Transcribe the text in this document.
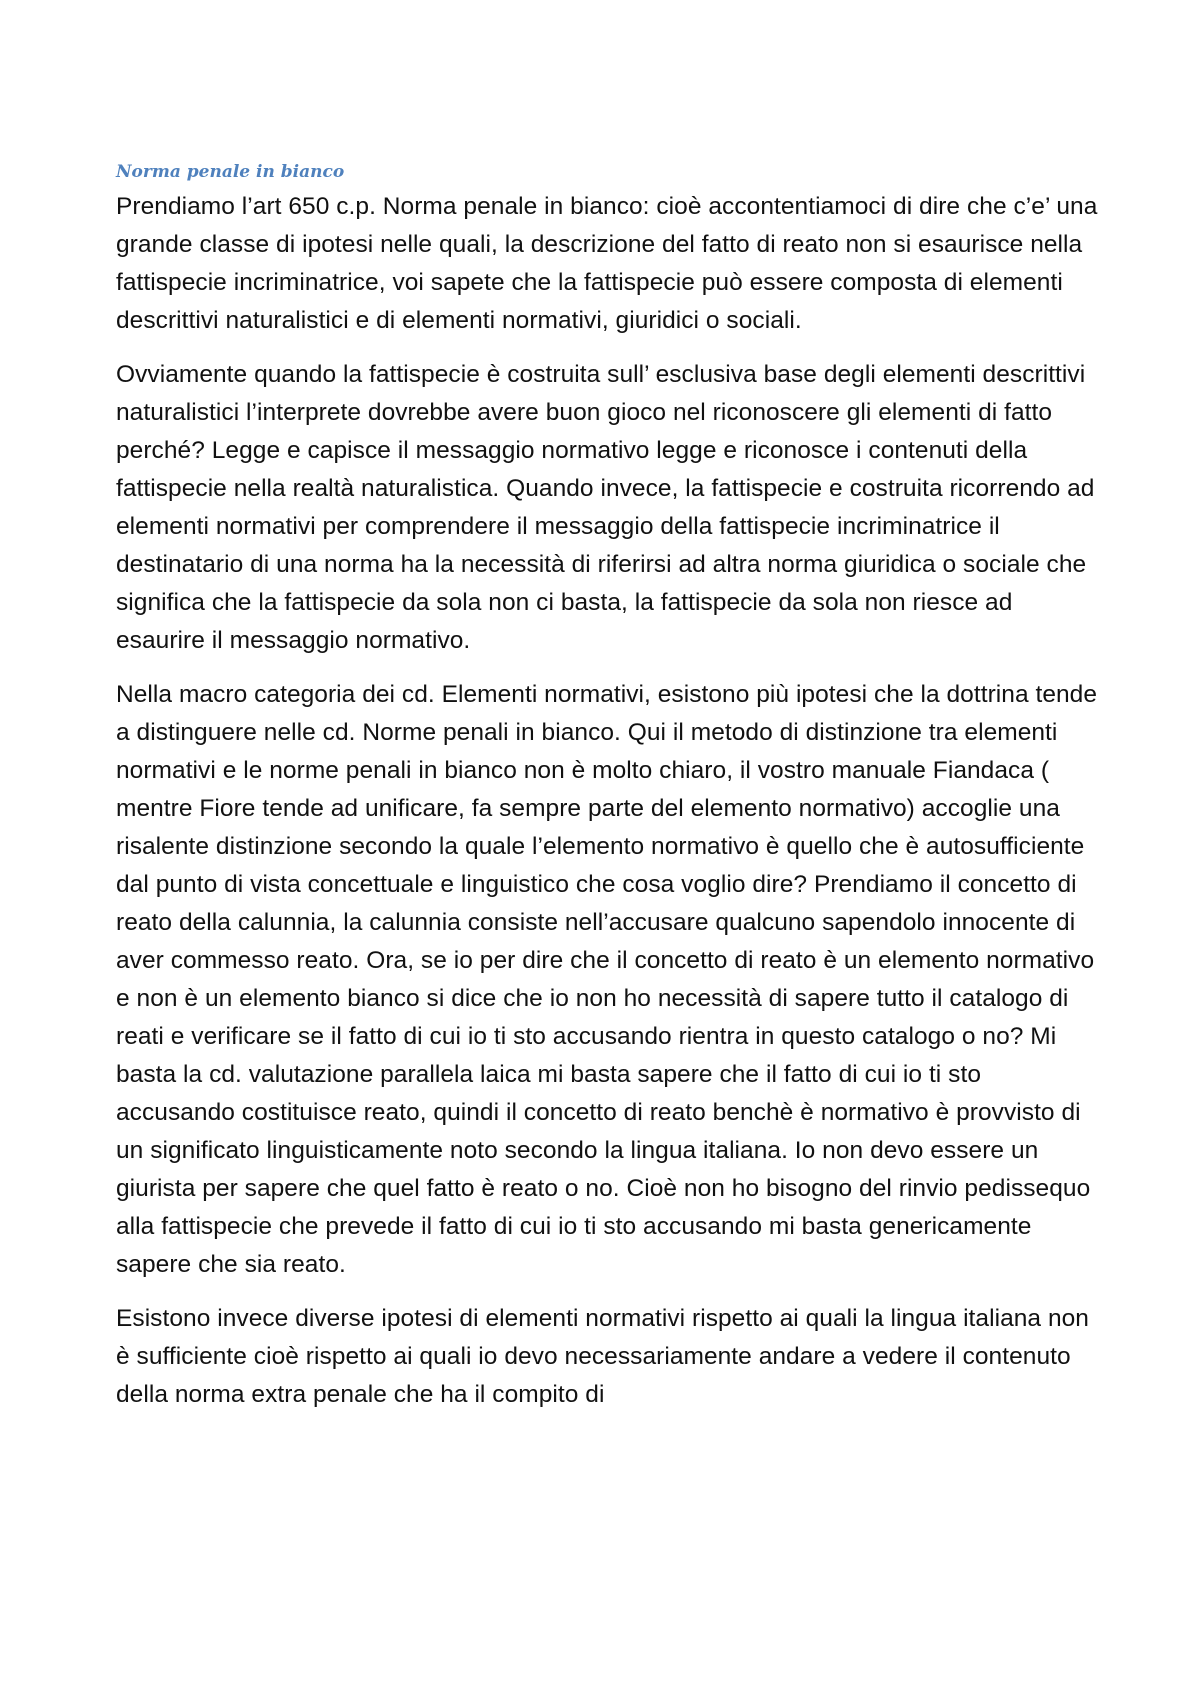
Norma penale in bianco

Prendiamo l’art 650 c.p. Norma penale in bianco: cioè accontentiamoci di dire che c’e’ una grande classe di ipotesi nelle quali, la descrizione del fatto di reato non si esaurisce nella fattispecie incriminatrice, voi sapete che la fattispecie può essere composta di elementi descrittivi naturalistici e di elementi normativi, giuridici o sociali.

Ovviamente quando la fattispecie è costruita sull’ esclusiva base degli elementi descrittivi naturalistici l’interprete dovrebbe avere buon gioco nel riconoscere gli elementi di fatto perché? Legge e capisce il messaggio normativo legge e riconosce i contenuti della fattispecie nella realtà naturalistica. Quando invece, la fattispecie e costruita ricorrendo ad elementi normativi per comprendere il messaggio della fattispecie incriminatrice il destinatario di una norma ha la necessità di riferirsi ad altra norma giuridica o sociale che significa che la fattispecie da sola non ci basta, la fattispecie da sola non riesce ad esaurire il messaggio normativo.

Nella macro categoria dei cd. Elementi normativi, esistono più ipotesi che la dottrina tende a distinguere nelle cd. Norme penali in bianco. Qui il metodo di distinzione tra elementi normativi e le norme penali in bianco non è molto chiaro, il vostro manuale Fiandaca ( mentre Fiore tende ad unificare, fa sempre parte del elemento normativo) accoglie una risalente distinzione secondo la quale l’elemento normativo è quello che è autosufficiente dal punto di vista concettuale e linguistico che cosa voglio dire? Prendiamo il concetto di reato della calunnia, la calunnia consiste nell’accusare qualcuno sapendolo innocente di aver commesso reato. Ora, se io per dire che il concetto di reato è un elemento normativo e non è un elemento bianco si dice che io non ho necessità di sapere tutto il catalogo di reati e verificare se il fatto di cui io ti sto accusando rientra in questo catalogo o no? Mi basta la cd. valutazione parallela laica mi basta sapere che il fatto di cui io ti sto accusando costituisce reato, quindi il concetto di reato benchè è normativo è provvisto di un significato linguisticamente noto secondo la lingua italiana. Io non devo essere un giurista per sapere che quel fatto è reato o no. Cioè non ho bisogno del rinvio pedissequo alla fattispecie che prevede il fatto di cui io ti sto accusando mi basta genericamente sapere che sia reato.

Esistono invece diverse ipotesi di elementi normativi rispetto ai quali la lingua italiana non è sufficiente cioè rispetto ai quali io devo necessariamente andare a vedere il contenuto della norma extra penale che ha il compito di
